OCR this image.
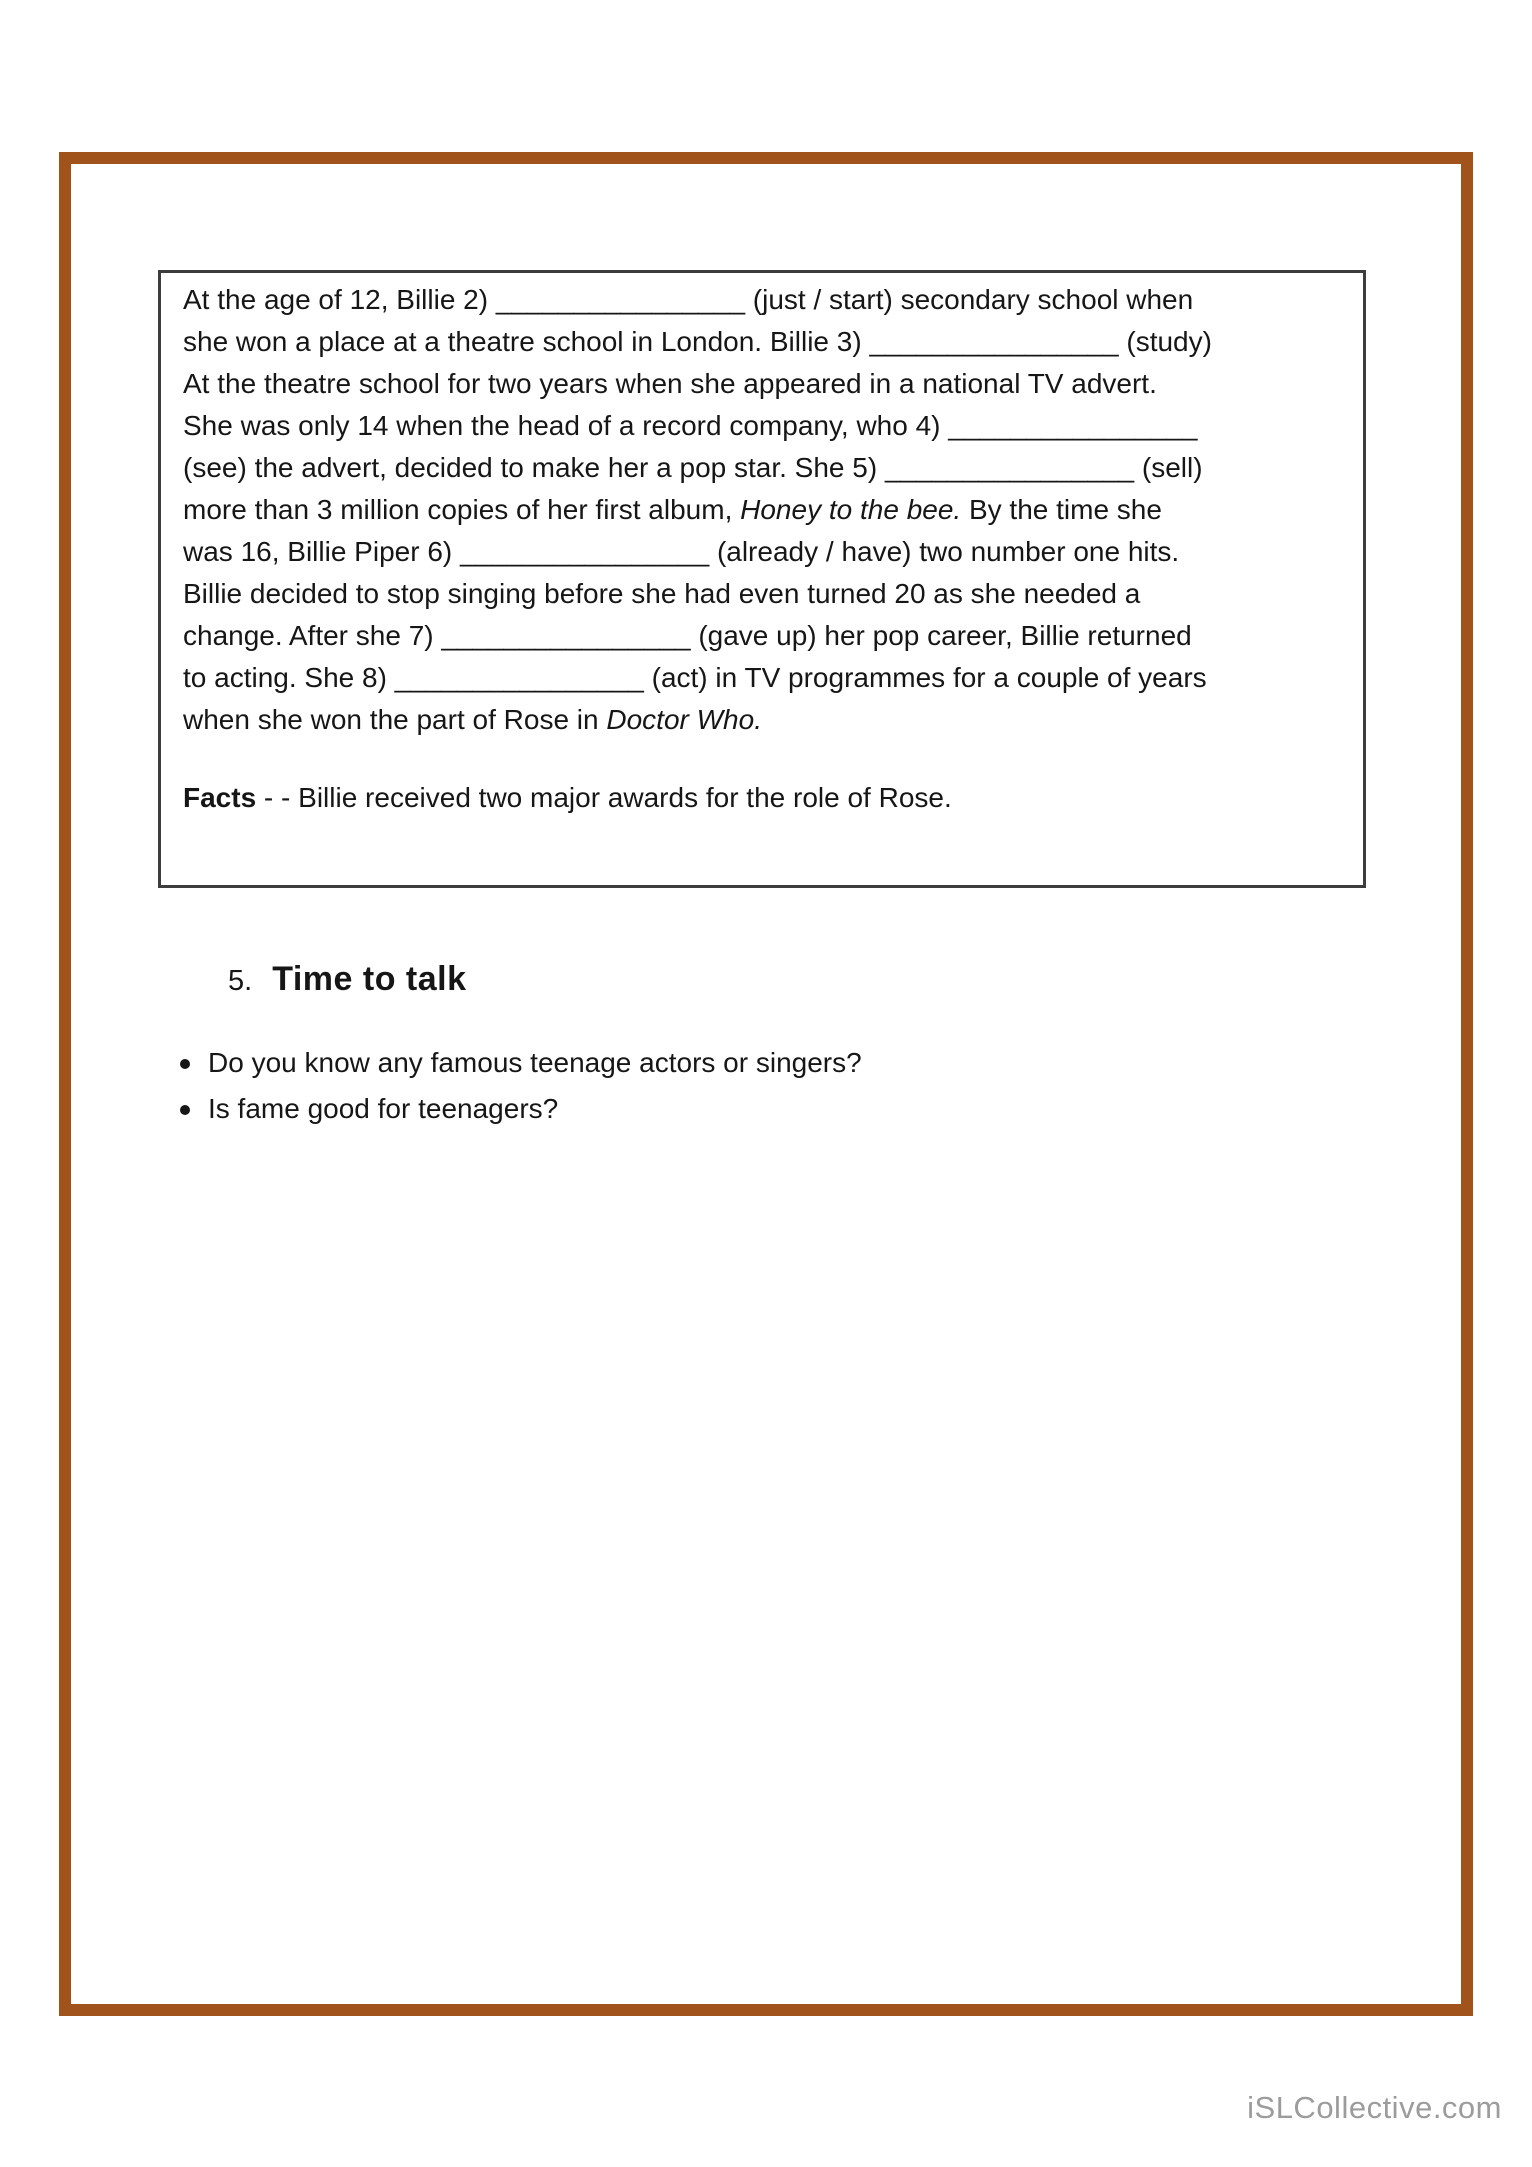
At the age of 12, Billie 2) ________________ (just / start) secondary school when
she won a place at a theatre school in London. Billie 3) ________________ (study)
At the theatre school for two years when she appeared in a national TV advert.
She was only 14 when the head of a record company, who 4) ________________
(see) the advert, decided to make her a pop star. She 5) ________________ (sell)
more than 3 million copies of her first album, Honey to the bee. By the time she
was 16, Billie Piper 6) ________________ (already / have) two number one hits.
Billie decided to stop singing before she had even turned 20 as she needed a
change. After she 7) ________________ (gave up) her pop career, Billie returned
to acting. She 8) ________________ (act) in TV programmes for a couple of years
when she won the part of Rose in Doctor Who.
Facts - - Billie received two major awards for the role of Rose.
5. Time to talk
Do you know any famous teenage actors or singers?
Is fame good for teenagers?
iSLCollective.com
